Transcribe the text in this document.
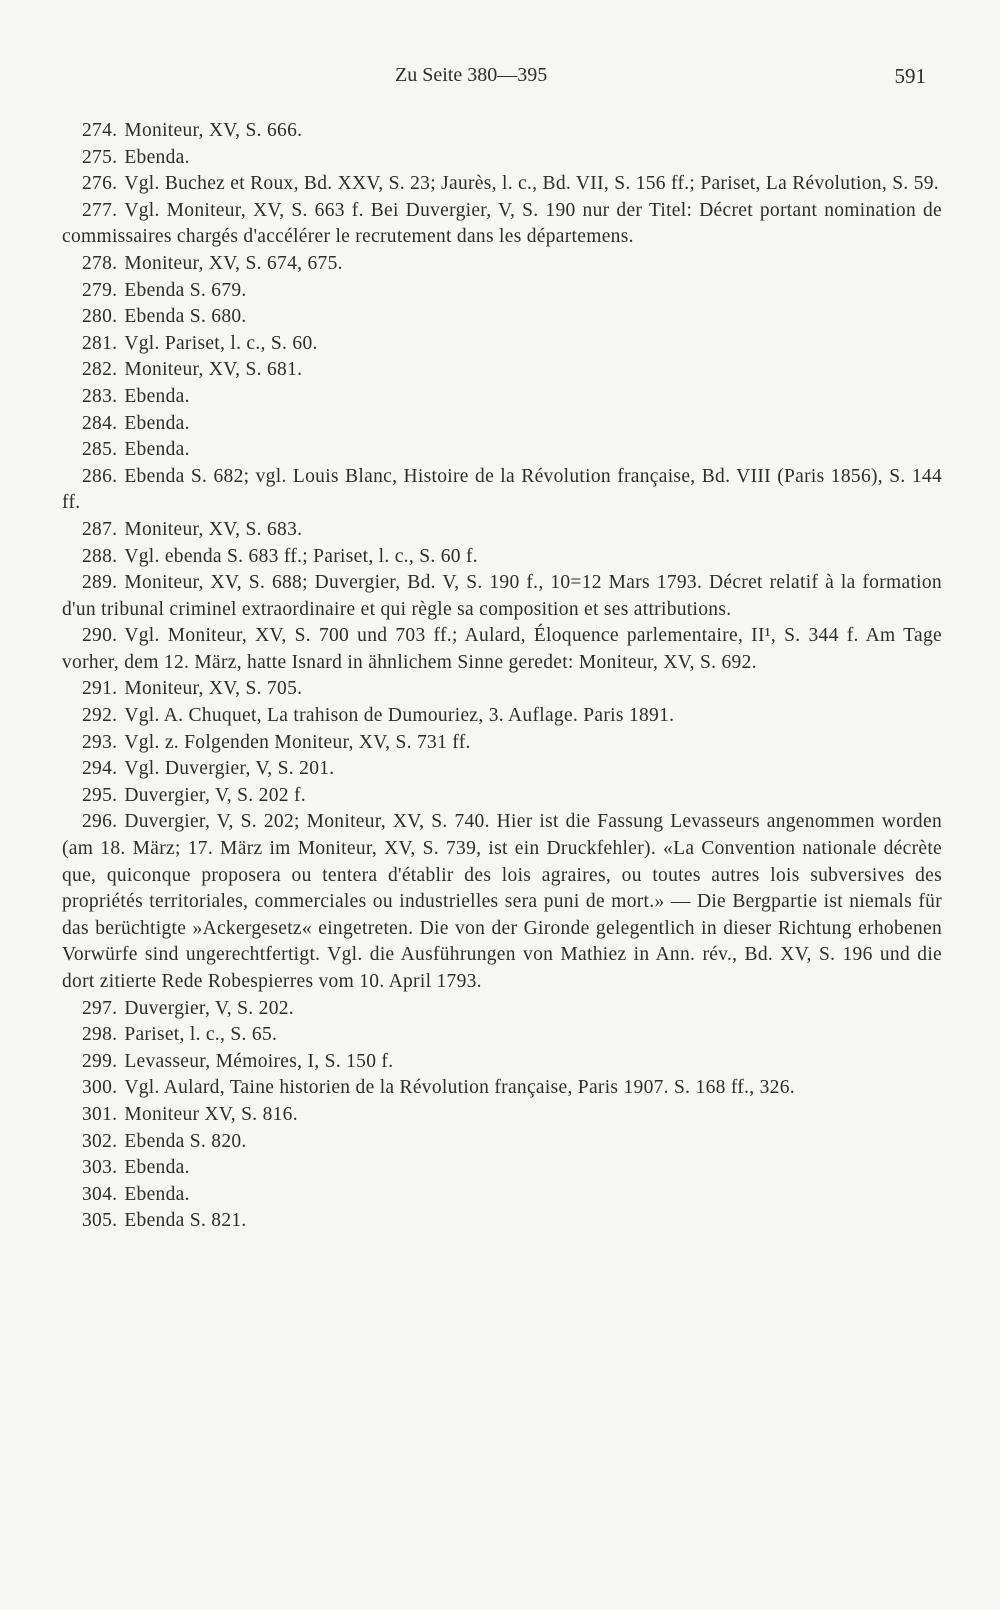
Zu Seite 380—395	591

274. Moniteur, XV, S. 666.

275. Ebenda.

276. Vgl. Buchez et Roux, Bd. XXV, S. 23; Jaurès, l. c., Bd. VII, S. 156 ff.; Pariset, La Révolution, S. 59.

277. Vgl. Moniteur, XV, S. 663 f. Bei Duvergier, V, S. 190 nur der Titel: Décret portant nomination de commissaires chargés d'accélérer le recrutement dans les départemens.

278. Moniteur, XV, S. 674, 675.

279. Ebenda S. 679.

280. Ebenda S. 680.

281. Vgl. Pariset, l. c., S. 60.

282. Moniteur, XV, S. 681.

283. Ebenda.

284. Ebenda.

285. Ebenda.

286. Ebenda S. 682; vgl. Louis Blanc, Histoire de la Révolution française, Bd. VIII (Paris 1856), S. 144 ff.

287. Moniteur, XV, S. 683.

288. Vgl. ebenda S. 683 ff.; Pariset, l. c., S. 60 f.

289. Moniteur, XV, S. 688; Duvergier, Bd. V, S. 190 f., 10=12 Mars 1793. Décret relatif à la formation d'un tribunal criminel extraordinaire et qui règle sa composition et ses attributions.

290. Vgl. Moniteur, XV, S. 700 und 703 ff.; Aulard, Éloquence parlementaire, II¹, S. 344 f. Am Tage vorher, dem 12. März, hatte Isnard in ähnlichem Sinne geredet: Moniteur, XV, S. 692.

291. Moniteur, XV, S. 705.

292. Vgl. A. Chuquet, La trahison de Dumouriez, 3. Auflage. Paris 1891.

293. Vgl. z. Folgenden Moniteur, XV, S. 731 ff.

294. Vgl. Duvergier, V, S. 201.

295. Duvergier, V, S. 202 f.

296. Duvergier, V, S. 202; Moniteur, XV, S. 740. Hier ist die Fassung Levasseurs angenommen worden (am 18. März; 17. März im Moniteur, XV, S. 739, ist ein Druckfehler). «La Convention nationale décrète que, quiconque proposera ou tentera d'établir des lois agraires, ou toutes autres lois subversives des propriétés territoriales, commerciales ou industrielles sera puni de mort.» — Die Bergpartie ist niemals für das berüchtigte »Ackergesetz« eingetreten. Die von der Gironde gelegentlich in dieser Richtung erhobenen Vorwürfe sind ungerechtfertigt. Vgl. die Ausführungen von Mathiez in Ann. rév., Bd. XV, S. 196 und die dort zitierte Rede Robespierres vom 10. April 1793.

297. Duvergier, V, S. 202.

298. Pariset, l. c., S. 65.

299. Levasseur, Mémoires, I, S. 150 f.

300. Vgl. Aulard, Taine historien de la Révolution française, Paris 1907. S. 168 ff., 326.

301. Moniteur XV, S. 816.

302. Ebenda S. 820.

303. Ebenda.

304. Ebenda.

305. Ebenda S. 821.
